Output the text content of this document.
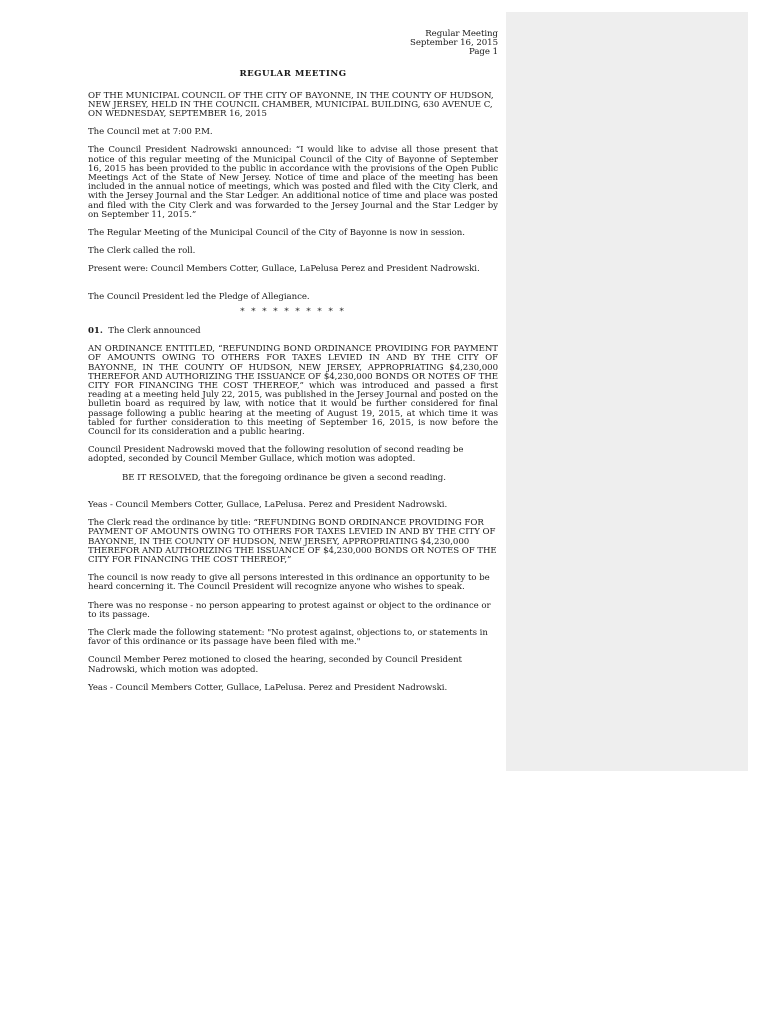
Regular Meeting
September 16, 2015
Page 1
REGULAR MEETING

OF THE MUNICIPAL COUNCIL OF THE CITY OF BAYONNE, IN THE COUNTY OF HUDSON, NEW JERSEY, HELD IN THE COUNCIL CHAMBER, MUNICIPAL BUILDING, 630 AVENUE C, ON WEDNESDAY, SEPTEMBER 16, 2015

The Council met at 7:00 P.M.

The Council President Nadrowski announced: “I would like to advise all those present that notice of this regular meeting of the Municipal Council of the City of Bayonne of September 16, 2015 has been provided to the public in accordance with the provisions of the Open Public Meetings Act of the State of New Jersey. Notice of time and place of the meeting has been included in the annual notice of meetings, which was posted and filed with the City Clerk, and with the Jersey Journal and the Star Ledger. An additional notice of time and place was posted and filed with the City Clerk and was forwarded to the Jersey Journal and the Star Ledger by on September 11, 2015.”

The Regular Meeting of the Municipal Council of the City of Bayonne is now in session.

The Clerk called the roll.

Present were: Council Members Cotter, Gullace, LaPelusa Perez and President Nadrowski.

The Council President led the Pledge of Allegiance.

* * * * * * * * * *

01. The Clerk announced

AN ORDINANCE ENTITLED, “REFUNDING BOND ORDINANCE PROVIDING FOR PAYMENT OF AMOUNTS OWING TO OTHERS FOR TAXES LEVIED IN AND BY THE CITY OF BAYONNE, IN THE COUNTY OF HUDSON, NEW JERSEY, APPROPRIATING $4,230,000 THEREFOR AND AUTHORIZING THE ISSUANCE OF $4,230,000 BONDS OR NOTES OF THE CITY FOR FINANCING THE COST THEREOF,” which was introduced and passed a first reading at a meeting held July 22, 2015, was published in the Jersey Journal and posted on the bulletin board as required by law, with notice that it would be further considered for final passage following a public hearing at the meeting of August 19, 2015, at which time it was tabled for further consideration to this meeting of September 16, 2015, is now before the Council for its consideration and a public hearing.

Council President Nadrowski moved that the following resolution of second reading be adopted, seconded by Council Member Gullace, which motion was adopted.

BE IT RESOLVED, that the foregoing ordinance be given a second reading.

Yeas - Council Members Cotter, Gullace, LaPelusa. Perez and President Nadrowski.

The Clerk read the ordinance by title: “REFUNDING BOND ORDINANCE PROVIDING FOR PAYMENT OF AMOUNTS OWING TO OTHERS FOR TAXES LEVIED IN AND BY THE CITY OF BAYONNE, IN THE COUNTY OF HUDSON, NEW JERSEY, APPROPRIATING $4,230,000 THEREFOR AND AUTHORIZING THE ISSUANCE OF $4,230,000 BONDS OR NOTES OF THE CITY FOR FINANCING THE COST THEREOF,”

The council is now ready to give all persons interested in this ordinance an opportunity to be heard concerning it. The Council President will recognize anyone who wishes to speak.

There was no response - no person appearing to protest against or object to the ordinance or to its passage.

The Clerk made the following statement: "No protest against, objections to, or statements in favor of this ordinance or its passage have been filed with me."

Council Member Perez motioned to closed the hearing, seconded by Council President Nadrowski, which motion was adopted.

Yeas - Council Members Cotter, Gullace, LaPelusa. Perez and President Nadrowski.
